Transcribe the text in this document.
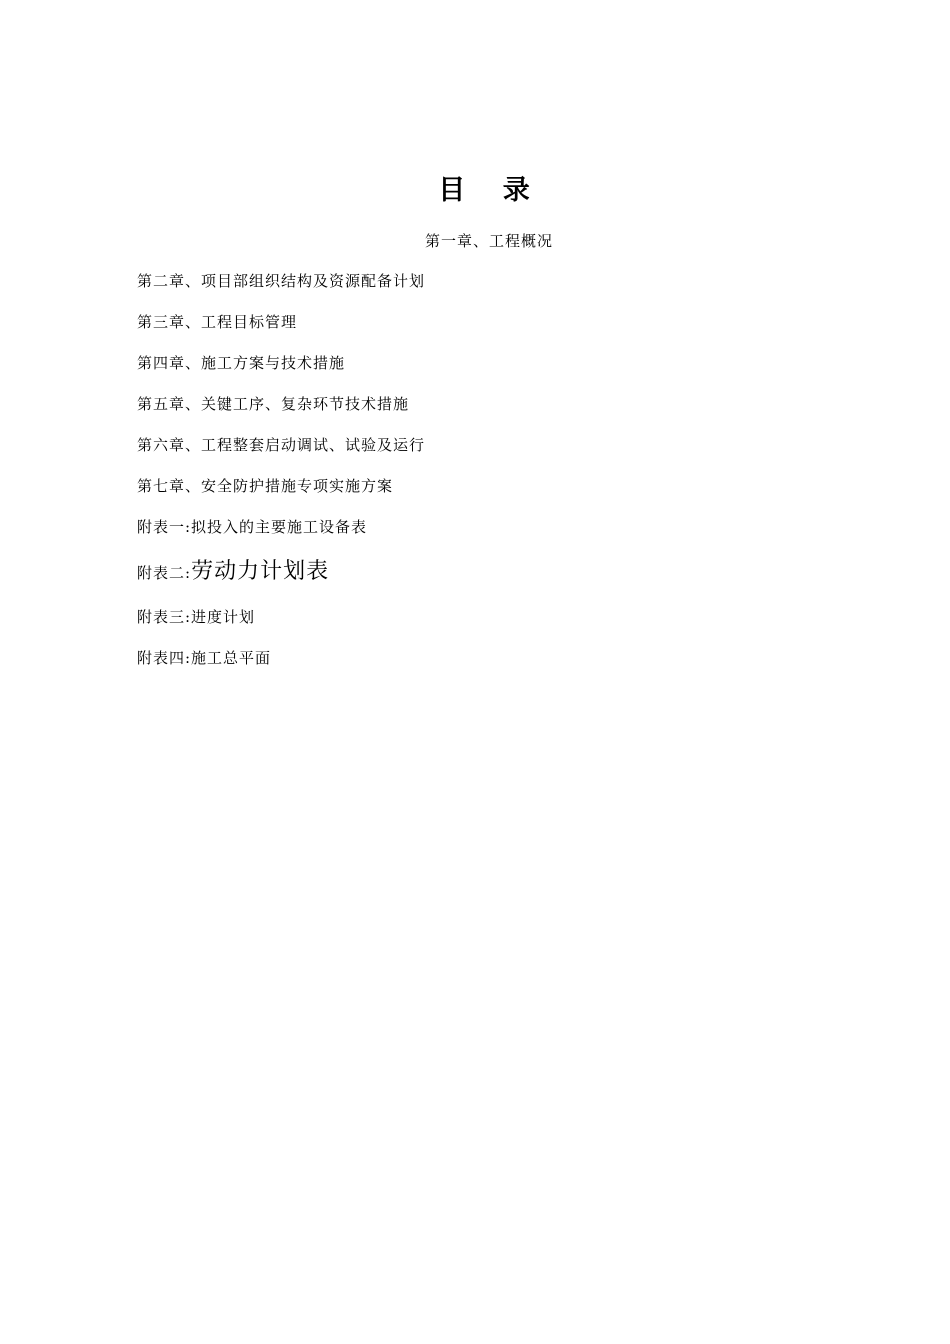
目 录
第一章、工程概况
第二章、项目部组织结构及资源配备计划
第三章、工程目标管理
第四章、施工方案与技术措施
第五章、关键工序、复杂环节技术措施
第六章、工程整套启动调试、试验及运行
第七章、安全防护措施专项实施方案
附表一:拟投入的主要施工设备表
附表二:劳动力计划表
附表三:进度计划
附表四:施工总平面
